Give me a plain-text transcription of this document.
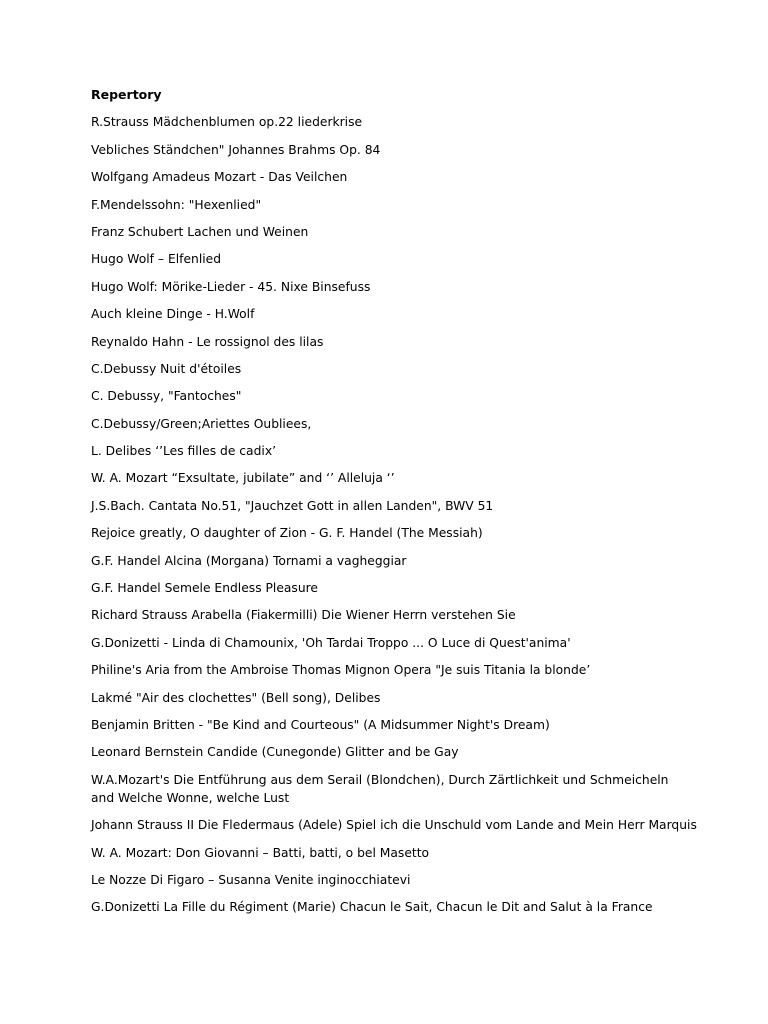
Repertory
R.Strauss Mädchenblumen op.22 liederkrise
Vebliches Ständchen" Johannes Brahms Op. 84
Wolfgang Amadeus Mozart - Das Veilchen
F.Mendelssohn: "Hexenlied"
Franz Schubert Lachen und Weinen
Hugo Wolf – Elfenlied
Hugo Wolf: Mörike-Lieder - 45. Nixe Binsefuss
Auch kleine Dinge - H.Wolf
Reynaldo Hahn - Le rossignol des lilas
C.Debussy Nuit d'étoiles
C. Debussy, "Fantoches"
C.Debussy/Green;Ariettes Oubliees,
L. Delibes ‘’Les filles de cadix’
W. A. Mozart “Exsultate, jubilate” and ‘’ Alleluja ‘’
J.S.Bach. Cantata No.51, "Jauchzet Gott in allen Landen", BWV 51
Rejoice greatly, O daughter of Zion - G. F. Handel (The Messiah)
G.F. Handel Alcina (Morgana) Tornami a vagheggiar
G.F. Handel Semele Endless Pleasure
Richard Strauss Arabella (Fiakermilli) Die Wiener Herrn verstehen Sie
G.Donizetti - Linda di Chamounix, 'Oh Tardai Troppo ... O Luce di Quest'anima'
Philine's Aria from the Ambroise Thomas Mignon Opera "Je suis Titania la blonde’
Lakmé "Air des clochettes" (Bell song), Delibes
Benjamin Britten - "Be Kind and Courteous" (A Midsummer Night's Dream)
Leonard Bernstein Candide (Cunegonde) Glitter and be Gay
W.A.Mozart's Die Entführung aus dem Serail (Blondchen), Durch Zärtlichkeit und Schmeicheln and Welche Wonne, welche Lust
Johann Strauss II Die Fledermaus (Adele) Spiel ich die Unschuld vom Lande and Mein Herr Marquis
W. A. Mozart: Don Giovanni – Batti, batti, o bel Masetto
Le Nozze Di Figaro – Susanna Venite inginocchiatevi
G.Donizetti La Fille du Régiment (Marie) Chacun le Sait, Chacun le Dit and Salut à la France
